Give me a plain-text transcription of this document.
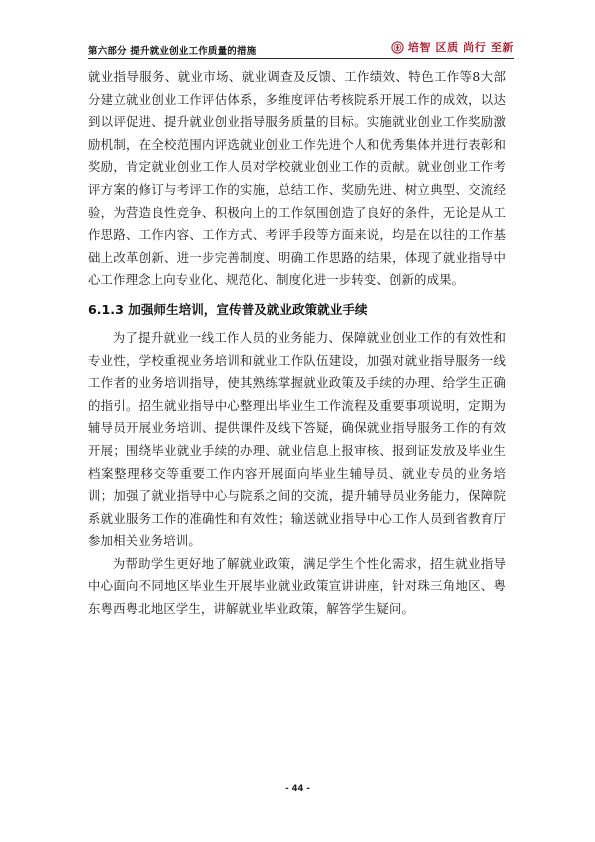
第六部分 提升就业创业工作质量的措施	培智 区质 尚行 至新

就业指导服务、就业市场、就业调查及反馈、工作绩效、特色工作等8大部分建立就业创业工作评估体系，多维度评估考核院系开展工作的成效，以达到以评促进、提升就业创业指导服务质量的目标。实施就业创业工作奖励激励机制，在全校范围内评选就业创业工作先进个人和优秀集体并进行表彰和奖励，肯定就业创业工作人员对学校就业创业工作的贡献。就业创业工作考评方案的修订与考评工作的实施，总结工作、奖励先进、树立典型、交流经验，为营造良性竞争、积极向上的工作氛围创造了良好的条件，无论是从工作思路、工作内容、工作方式、考评手段等方面来说，均是在以往的工作基础上改革创新、进一步完善制度、明确工作思路的结果，体现了就业指导中心工作理念上向专业化、规范化、制度化进一步转变、创新的成果。

6.1.3 加强师生培训，宣传普及就业政策就业手续

为了提升就业一线工作人员的业务能力、保障就业创业工作的有效性和专业性，学校重视业务培训和就业工作队伍建设，加强对就业指导服务一线工作者的业务培训指导，使其熟练掌握就业政策及手续的办理、给学生正确的指引。招生就业指导中心整理出毕业生工作流程及重要事项说明，定期为辅导员开展业务培训、提供课件及线下答疑，确保就业指导服务工作的有效开展；围绕毕业就业手续的办理、就业信息上报审核、报到证发放及毕业生档案整理移交等重要工作内容开展面向毕业生辅导员、就业专员的业务培训；加强了就业指导中心与院系之间的交流，提升辅导员业务能力，保障院系就业服务工作的准确性和有效性；输送就业指导中心工作人员到省教育厅参加相关业务培训。

为帮助学生更好地了解就业政策，满足学生个性化需求，招生就业指导中心面向不同地区毕业生开展毕业就业政策宣讲讲座，针对珠三角地区、粤东粤西粤北地区学生，讲解就业毕业政策，解答学生疑问。

- 44 -
